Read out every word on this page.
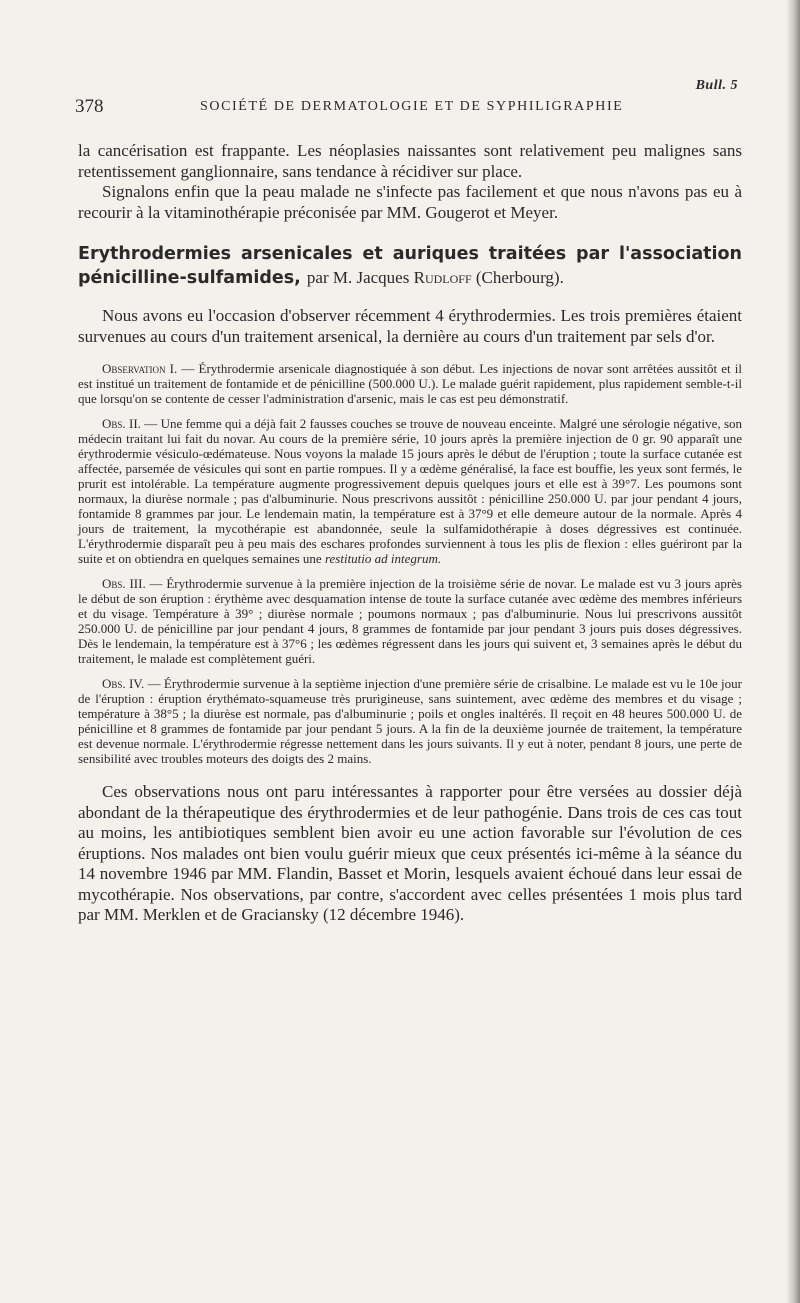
Bull. 5
378	SOCIÉTÉ DE DERMATOLOGIE ET DE SYPHILIGRAPHIE

la cancérisation est frappante. Les néoplasies naissantes sont relativement peu malignes sans retentissement ganglionnaire, sans tendance à récidiver sur place.

Signalons enfin que la peau malade ne s'infecte pas facilement et que nous n'avons pas eu à recourir à la vitaminothérapie préconisée par MM. Gougerot et Meyer.

Erythrodermies arsenicales et auriques traitées par l'association pénicilline-sulfamides, par M. Jacques Rudloff (Cherbourg).

Nous avons eu l'occasion d'observer récemment 4 érythrodermies. Les trois premières étaient survenues au cours d'un traitement arsenical, la dernière au cours d'un traitement par sels d'or.

Observation I. — Érythrodermie arsenicale diagnostiquée à son début. Les injections de novar sont arrêtées aussitôt et il est institué un traitement de fontamide et de pénicilline (500.000 U.). Le malade guérit rapidement, plus rapidement semble-t-il que lorsqu'on se contente de cesser l'administration d'arsenic, mais le cas est peu démonstratif.

Obs. II. — Une femme qui a déjà fait 2 fausses couches se trouve de nouveau enceinte. Malgré une sérologie négative, son médecin traitant lui fait du novar. Au cours de la première série, 10 jours après la première injection de 0 gr. 90 apparaît une érythrodermie vésiculo-œdémateuse. Nous voyons la malade 15 jours après le début de l'éruption ; toute la surface cutanée est affectée, parsemée de vésicules qui sont en partie rompues. Il y a œdème généralisé, la face est bouffie, les yeux sont fermés, le prurit est intolérable. La température augmente progressivement depuis quelques jours et elle est à 39°7. Les poumons sont normaux, la diurèse normale ; pas d'albuminurie. Nous prescrivons aussitôt : pénicilline 250.000 U. par jour pendant 4 jours, fontamide 8 grammes par jour. Le lendemain matin, la température est à 37°9 et elle demeure autour de la normale. Après 4 jours de traitement, la mycothérapie est abandonnée, seule la sulfamidothérapie à doses dégressives est continuée. L'érythrodermie disparaît peu à peu mais des eschares profondes surviennent à tous les plis de flexion : elles guériront par la suite et on obtiendra en quelques semaines une restitutio ad integrum.

Obs. III. — Érythrodermie survenue à la première injection de la troisième série de novar. Le malade est vu 3 jours après le début de son éruption : érythème avec desquamation intense de toute la surface cutanée avec œdème des membres inférieurs et du visage. Température à 39° ; diurèse normale ; poumons normaux ; pas d'albuminurie. Nous lui prescrivons aussitôt 250.000 U. de pénicilline par jour pendant 4 jours, 8 grammes de fontamide par jour pendant 3 jours puis doses dégressives. Dès le lendemain, la température est à 37°6 ; les œdèmes régressent dans les jours qui suivent et, 3 semaines après le début du traitement, le malade est complètement guéri.

Obs. IV. — Érythrodermie survenue à la septième injection d'une première série de crisalbine. Le malade est vu le 10e jour de l'éruption : éruption érythémato-squameuse très prurigineuse, sans suintement, avec œdème des membres et du visage ; température à 38°5 ; la diurèse est normale, pas d'albuminurie ; poils et ongles inaltérés. Il reçoit en 48 heures 500.000 U. de pénicilline et 8 grammes de fontamide par jour pendant 5 jours. A la fin de la deuxième journée de traitement, la température est devenue normale. L'érythrodermie régresse nettement dans les jours suivants. Il y eut à noter, pendant 8 jours, une perte de sensibilité avec troubles moteurs des doigts des 2 mains.

Ces observations nous ont paru intéressantes à rapporter pour être versées au dossier déjà abondant de la thérapeutique des érythrodermies et de leur pathogénie. Dans trois de ces cas tout au moins, les antibiotiques semblent bien avoir eu une action favorable sur l'évolution de ces éruptions. Nos malades ont bien voulu guérir mieux que ceux présentés ici-même à la séance du 14 novembre 1946 par MM. Flandin, Basset et Morin, lesquels avaient échoué dans leur essai de mycothérapie. Nos observations, par contre, s'accordent avec celles présentées 1 mois plus tard par MM. Merklen et de Graciansky (12 décembre 1946).
